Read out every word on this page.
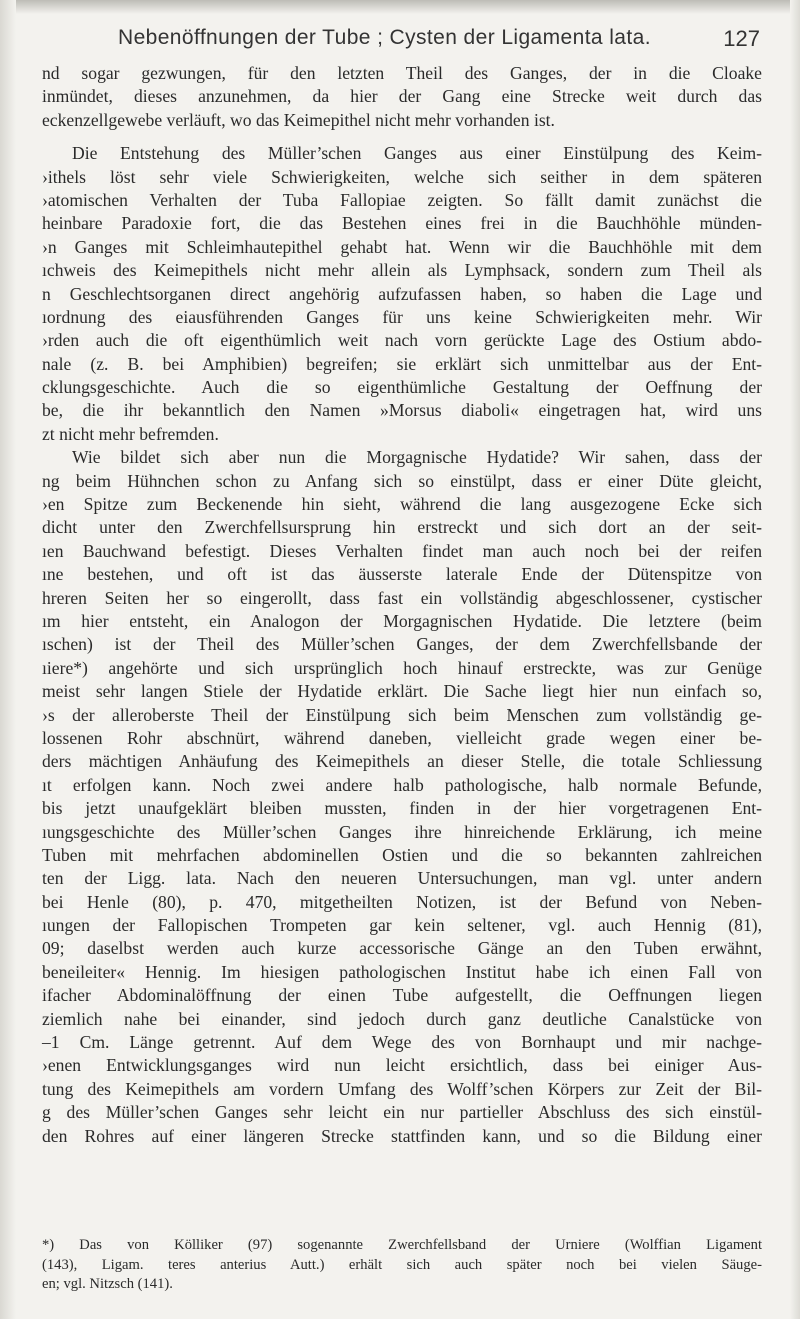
Nebenöffnungen der Tube ; Cysten der Ligamenta lata.	127

nd sogar gezwungen, für den letzten Theil des Ganges, der in die Cloake
inmündet, dieses anzunehmen, da hier der Gang eine Strecke weit durch das
eckenzellgewebe verläuft, wo das Keimepithel nicht mehr vorhanden ist.

Die Entstehung des Müller’schen Ganges aus einer Einstülpung des Keim-
›ithels löst sehr viele Schwierigkeiten, welche sich seither in dem späteren
›atomischen Verhalten der Tuba Fallopiae zeigten. So fällt damit zunächst die
heinbare Paradoxie fort, die das Bestehen eines frei in die Bauchhöhle münden-
›n Ganges mit Schleimhautepithel gehabt hat. Wenn wir die Bauchhöhle mit dem
ıchweis des Keimepithels nicht mehr allein als Lymphsack, sondern zum Theil als
n Geschlechtsorganen direct angehörig aufzufassen haben, so haben die Lage und
ıordnung des eiausführenden Ganges für uns keine Schwierigkeiten mehr. Wir
›rden auch die oft eigenthümlich weit nach vorn gerückte Lage des Ostium abdo-
nale (z. B. bei Amphibien) begreifen; sie erklärt sich unmittelbar aus der Ent-
cklungsgeschichte. Auch die so eigenthümliche Gestaltung der Oeffnung der
be, die ihr bekanntlich den Namen »Morsus diaboli« eingetragen hat, wird uns
zt nicht mehr befremden.

Wie bildet sich aber nun die Morgagnische Hydatide? Wir sahen, dass der
ng beim Hühnchen schon zu Anfang sich so einstülpt, dass er einer Düte gleicht,
›en Spitze zum Beckenende hin sieht, während die lang ausgezogene Ecke sich
dicht unter den Zwerchfellsursprung hin erstreckt und sich dort an der seit-
ıen Bauchwand befestigt. Dieses Verhalten findet man auch noch bei der reifen
ıne bestehen, und oft ist das äusserste laterale Ende der Dütenspitze von
hreren Seiten her so eingerollt, dass fast ein vollständig abgeschlossener, cystischer
ım hier entsteht, ein Analogon der Morgagnischen Hydatide. Die letztere (beim
ıschen) ist der Theil des Müller’schen Ganges, der dem Zwerchfellsbande der
ıiere*) angehörte und sich ursprünglich hoch hinauf erstreckte, was zur Genüge
meist sehr langen Stiele der Hydatide erklärt. Die Sache liegt hier nun einfach so,
›s der alleroberste Theil der Einstülpung sich beim Menschen zum vollständig ge-
lossenen Rohr abschnürt, während daneben, vielleicht grade wegen einer be-
ders mächtigen Anhäufung des Keimepithels an dieser Stelle, die totale Schliessung
ıt erfolgen kann. Noch zwei andere halb pathologische, halb normale Befunde,
bis jetzt unaufgeklärt bleiben mussten, finden in der hier vorgetragenen Ent-
ıungsgeschichte des Müller’schen Ganges ihre hinreichende Erklärung, ich meine
Tuben mit mehrfachen abdominellen Ostien und die so bekannten zahlreichen
ten der Ligg. lata. Nach den neueren Untersuchungen, man vgl. unter andern
bei Henle (80), p. 470, mitgetheilten Notizen, ist der Befund von Neben-
ıungen der Fallopischen Trompeten gar kein seltener, vgl. auch Hennig (81),
09; daselbst werden auch kurze accessorische Gänge an den Tuben erwähnt,
beneileiter« Hennig. Im hiesigen pathologischen Institut habe ich einen Fall von
ifacher Abdominalöffnung der einen Tube aufgestellt, die Oeffnungen liegen
ziemlich nahe bei einander, sind jedoch durch ganz deutliche Canalstücke von
–1 Cm. Länge getrennt. Auf dem Wege des von Bornhaupt und mir nachge-
›enen Entwicklungsganges wird nun leicht ersichtlich, dass bei einiger Aus-
tung des Keimepithels am vordern Umfang des Wolff’schen Körpers zur Zeit der Bil-
g des Müller’schen Ganges sehr leicht ein nur partieller Abschluss des sich einstül-
den Rohres auf einer längeren Strecke stattfinden kann, und so die Bildung einer

*) Das von Kölliker (97) sogenannte Zwerchfellsband der Urniere (Wolffian Ligament
(143), Ligam. teres anterius Autt.) erhält sich auch später noch bei vielen Säuge-
en; vgl. Nitzsch (141).
